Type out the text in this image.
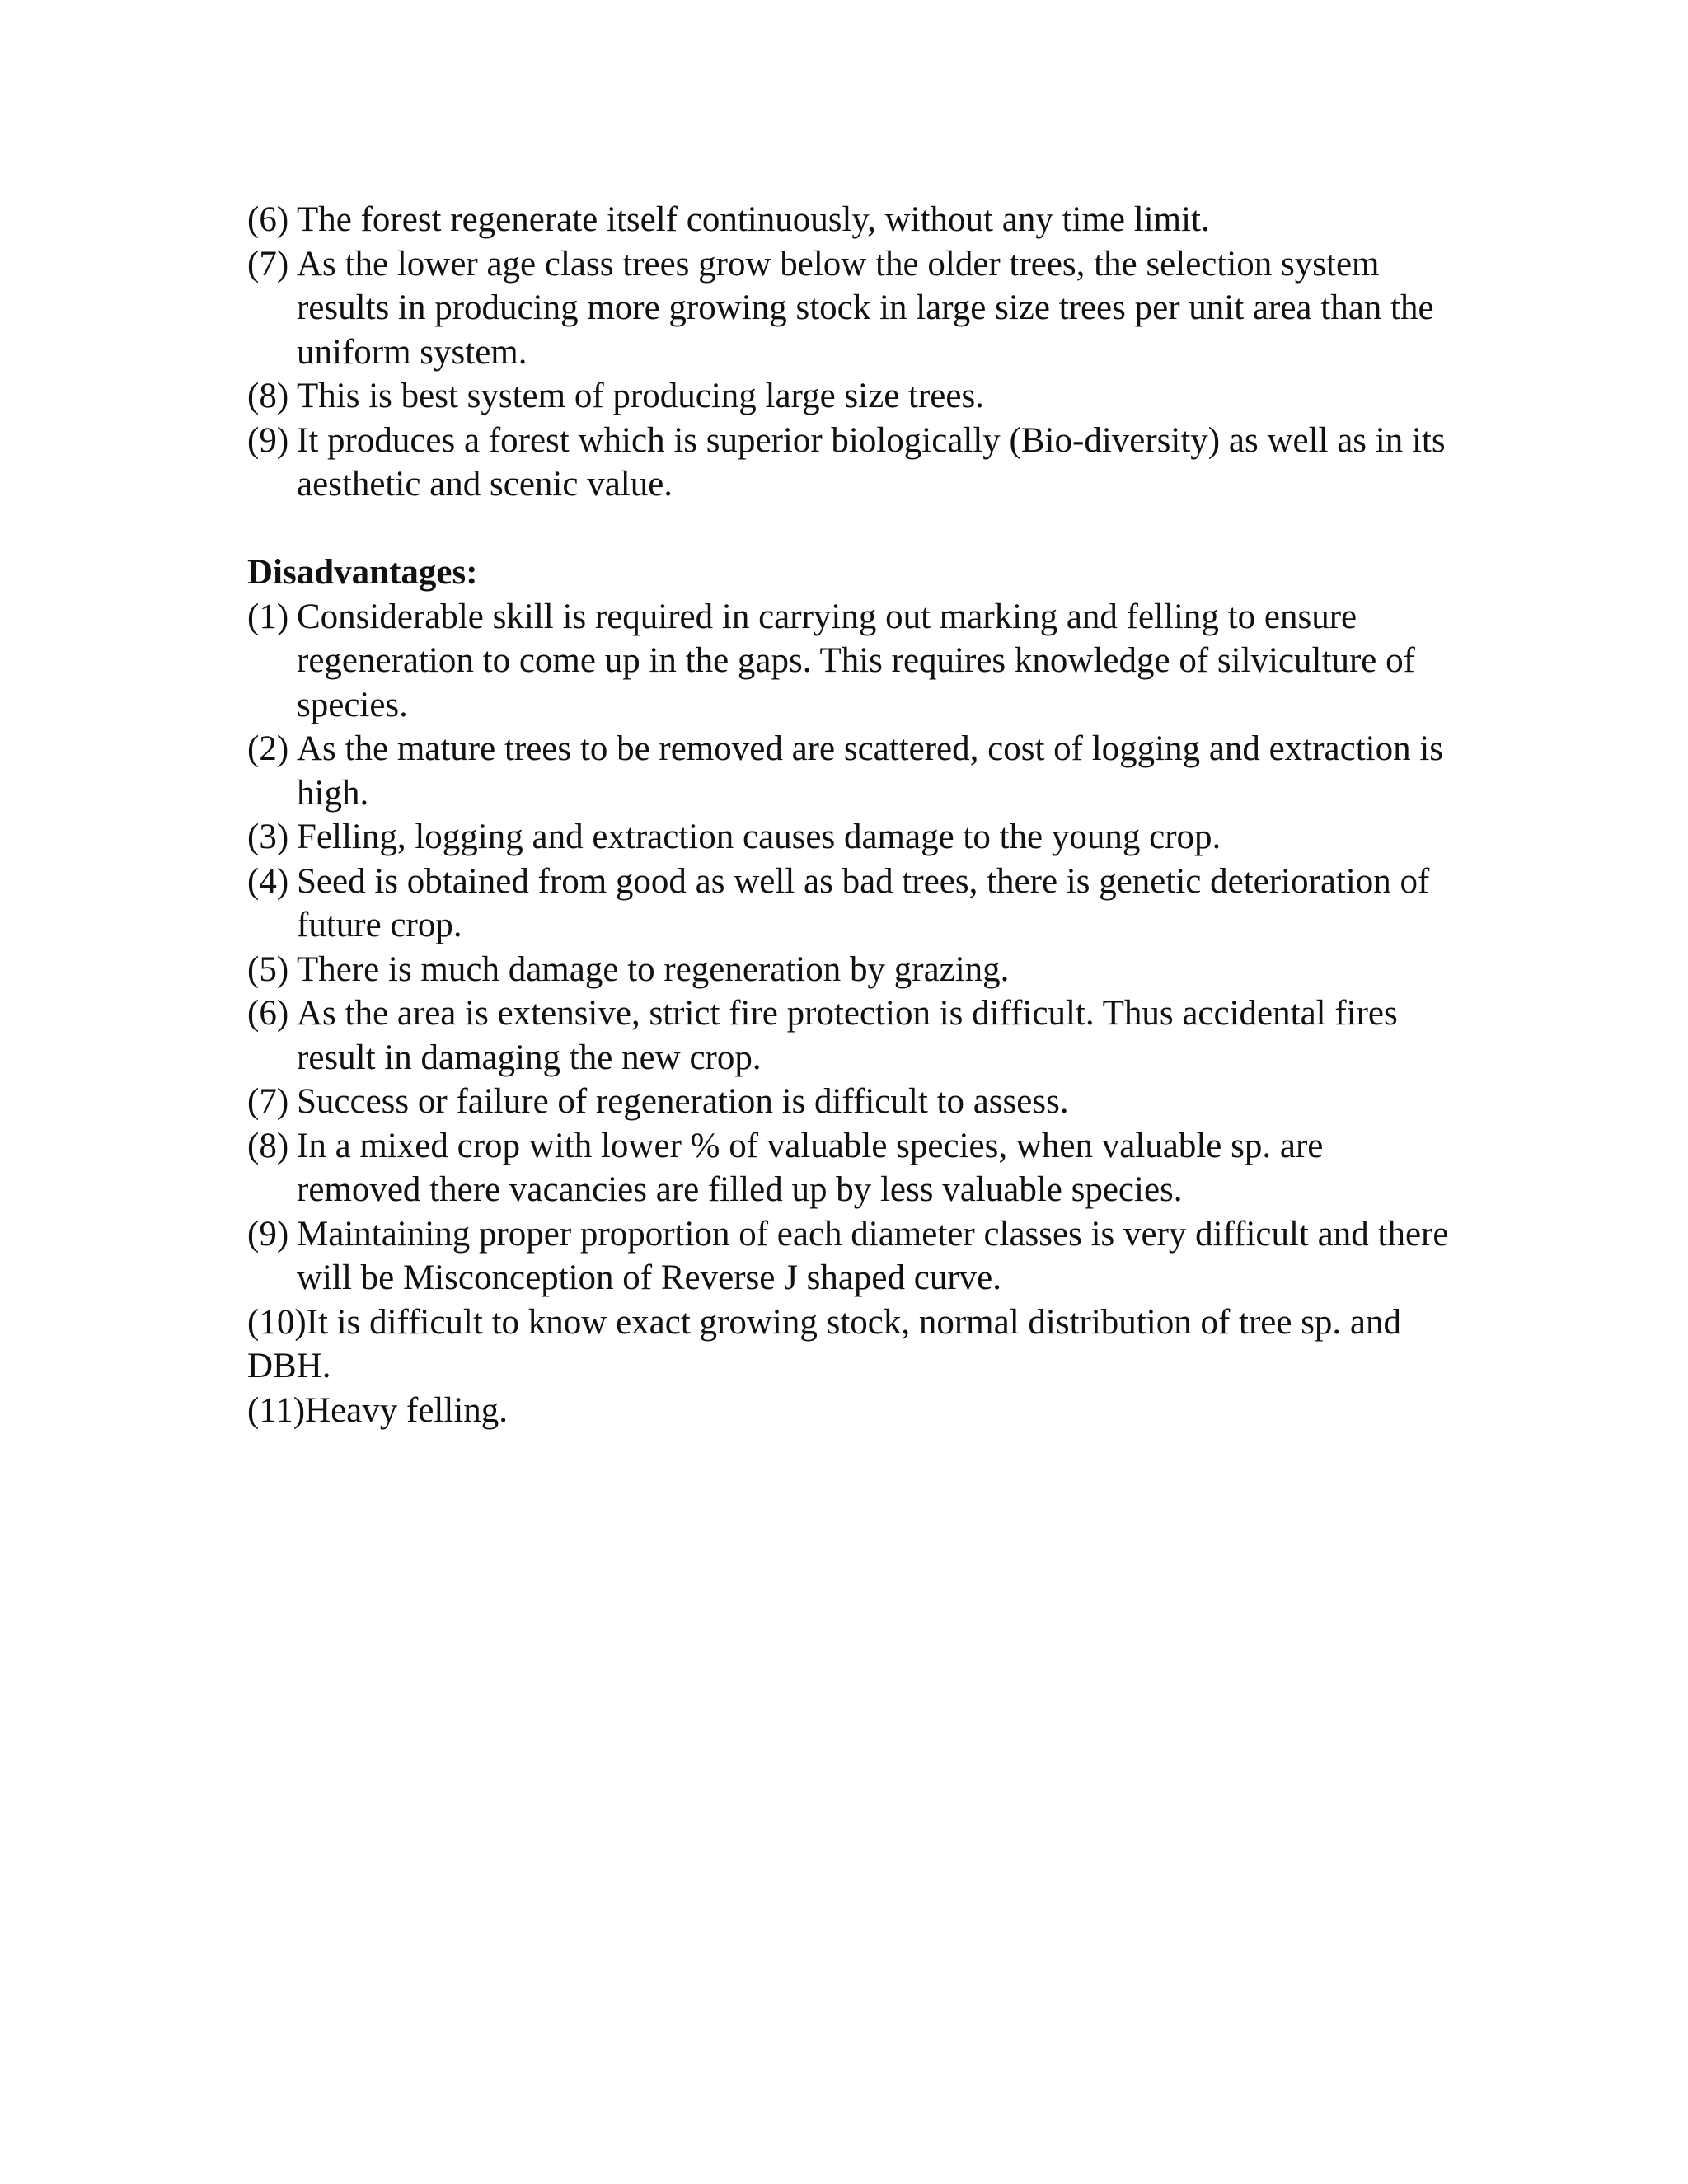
(6) The forest regenerate itself continuously, without any time limit.
(7) As the lower age class trees grow below the older trees, the selection system results in producing more growing stock in large size trees per unit area than the uniform system.
(8) This is best system of producing large size trees.
(9) It produces a forest which is superior biologically (Bio-diversity) as well as in its aesthetic and scenic value.
Disadvantages:
(1) Considerable skill is required in carrying out marking and felling to ensure regeneration to come up in the gaps. This requires knowledge of silviculture of species.
(2) As the mature trees to be removed are scattered, cost of logging and extraction is high.
(3) Felling, logging and extraction causes damage to the young crop.
(4) Seed is obtained from good as well as bad trees, there is genetic deterioration of future crop.
(5) There is much damage to regeneration by grazing.
(6) As the area is extensive, strict fire protection is difficult. Thus accidental fires result in damaging the new crop.
(7) Success or failure of regeneration is difficult to assess.
(8) In a mixed crop with lower % of valuable species, when valuable sp. are removed there vacancies are filled up by less valuable species.
(9) Maintaining proper proportion of each diameter classes is very difficult and there will be Misconception of Reverse J shaped curve.
(10)It is difficult to know exact growing stock, normal distribution of tree sp. and DBH.
(11)Heavy felling.
